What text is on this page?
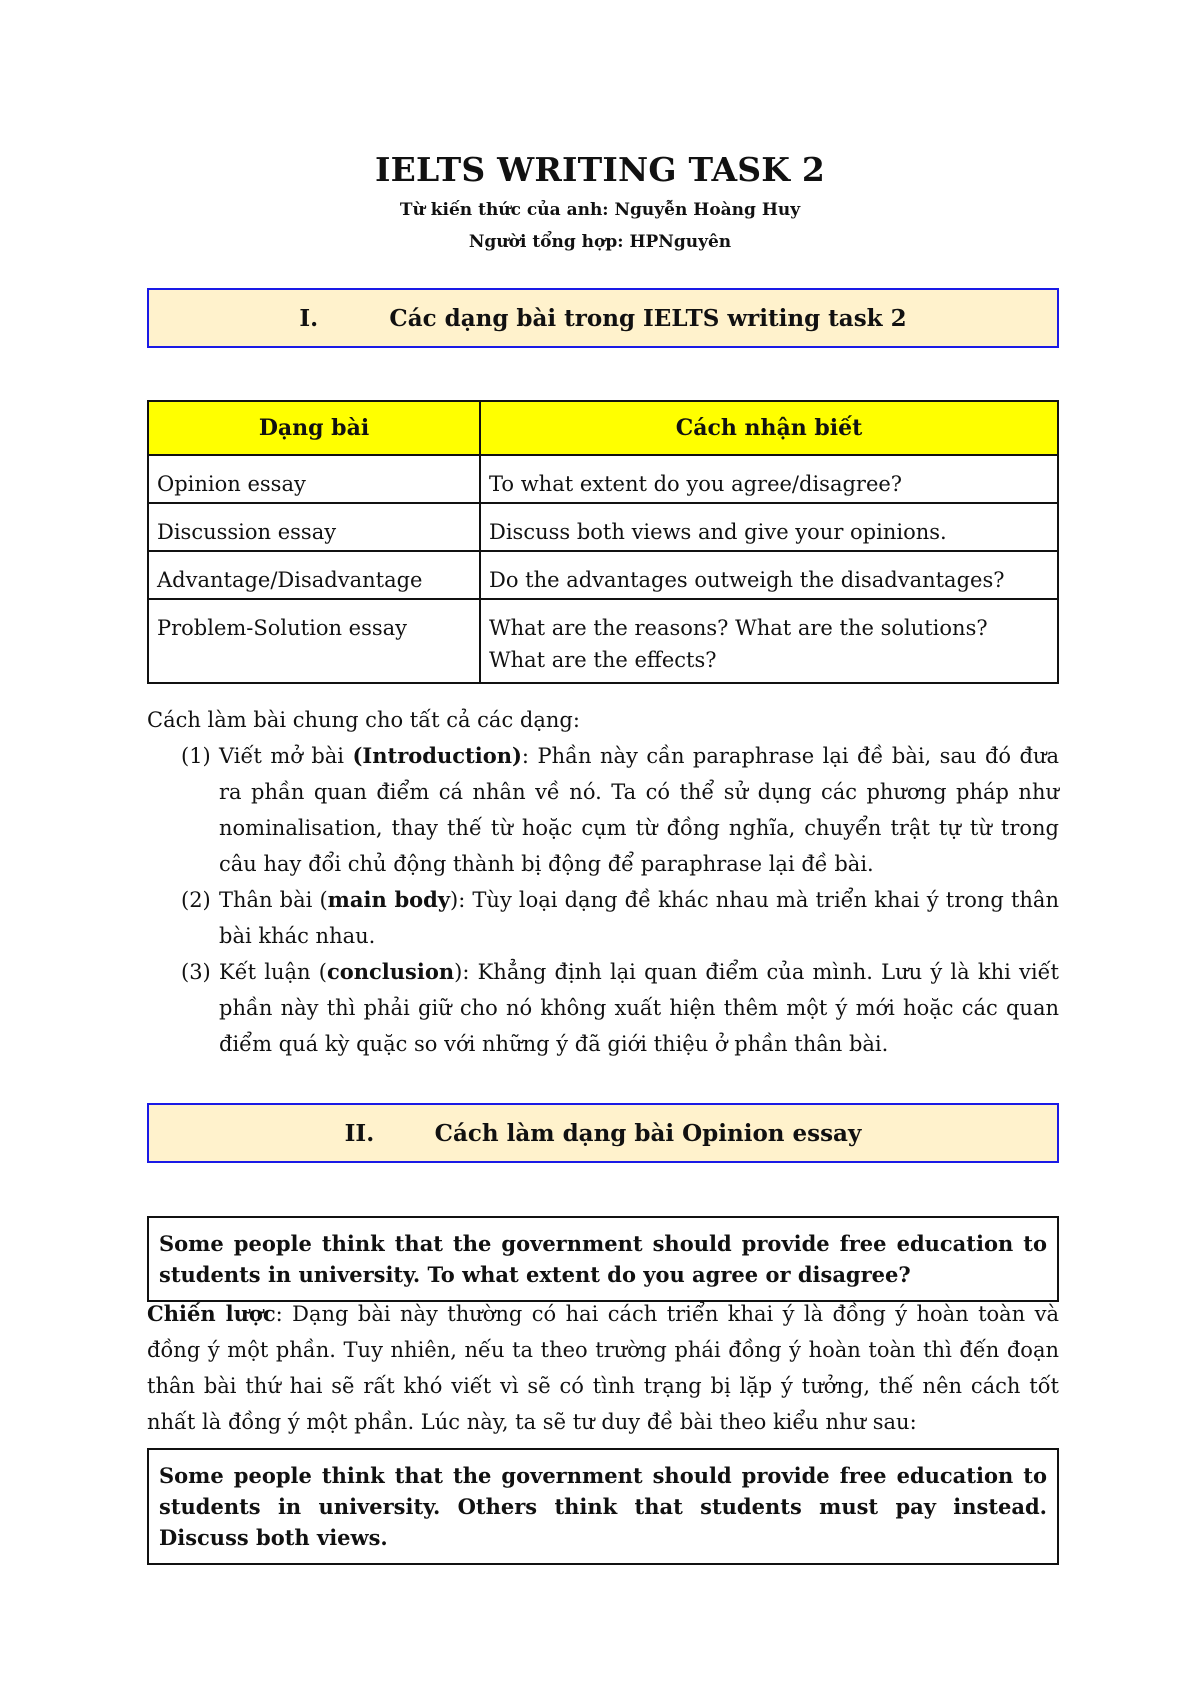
IELTS WRITING TASK 2
Từ kiến thức của anh: Nguyễn Hoàng Huy
Người tổng hợp: HPNguyên
I.	Các dạng bài trong IELTS writing task 2
Dạng bài	Cách nhận biết
Opinion essay	To what extent do you agree/disagree?
Discussion essay	Discuss both views and give your opinions.
Advantage/Disadvantage	Do the advantages outweigh the disadvantages?
Problem-Solution essay	What are the reasons? What are the solutions? What are the effects?
Cách làm bài chung cho tất cả các dạng:
(1) Viết mở bài (Introduction): Phần này cần paraphrase lại đề bài, sau đó đưa ra phần quan điểm cá nhân về nó. Ta có thể sử dụng các phương pháp như nominalisation, thay thế từ hoặc cụm từ đồng nghĩa, chuyển trật tự từ trong câu hay đổi chủ động thành bị động để paraphrase lại đề bài.
(2) Thân bài (main body): Tùy loại dạng đề khác nhau mà triển khai ý trong thân bài khác nhau.
(3) Kết luận (conclusion): Khẳng định lại quan điểm của mình. Lưu ý là khi viết phần này thì phải giữ cho nó không xuất hiện thêm một ý mới hoặc các quan điểm quá kỳ quặc so với những ý đã giới thiệu ở phần thân bài.
II.	Cách làm dạng bài Opinion essay
Some people think that the government should provide free education to students in university. To what extent do you agree or disagree?
Chiến lược: Dạng bài này thường có hai cách triển khai ý là đồng ý hoàn toàn và đồng ý một phần. Tuy nhiên, nếu ta theo trường phái đồng ý hoàn toàn thì đến đoạn thân bài thứ hai sẽ rất khó viết vì sẽ có tình trạng bị lặp ý tưởng, thế nên cách tốt nhất là đồng ý một phần. Lúc này, ta sẽ tư duy đề bài theo kiểu như sau:
Some people think that the government should provide free education to students in university. Others think that students must pay instead. Discuss both views.
